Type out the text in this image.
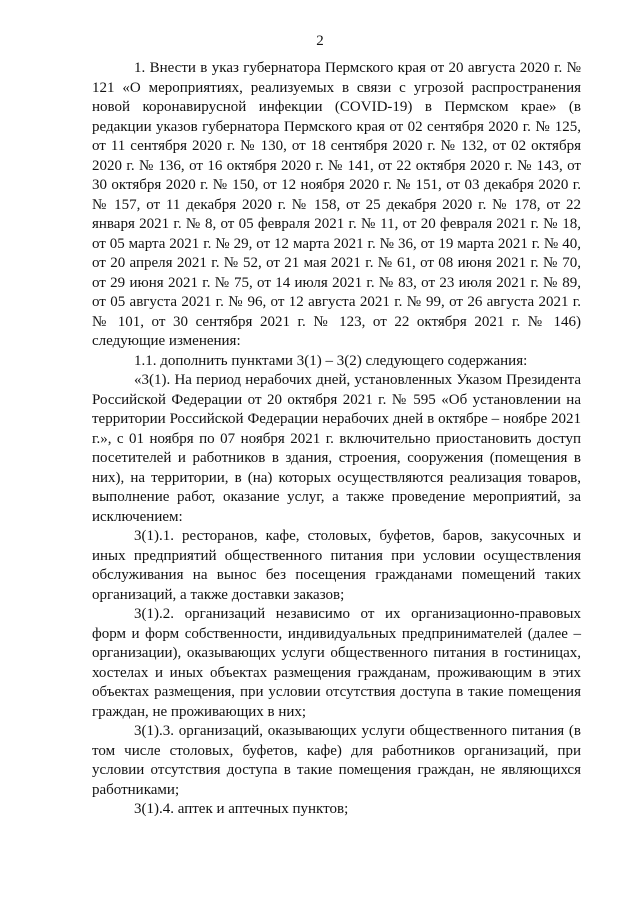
2

1. Внести в указ губернатора Пермского края от 20 августа 2020 г. № 121 «О мероприятиях, реализуемых в связи с угрозой распространения новой коронавирусной инфекции (COVID-19) в Пермском крае» (в редакции указов губернатора Пермского края от 02 сентября 2020 г. № 125, от 11 сентября 2020 г. № 130, от 18 сентября 2020 г. № 132, от 02 октября 2020 г. № 136, от 16 октября 2020 г. № 141, от 22 октября 2020 г. № 143, от 30 октября 2020 г. № 150, от 12 ноября 2020 г. № 151, от 03 декабря 2020 г. № 157, от 11 декабря 2020 г. № 158, от 25 декабря 2020 г. № 178, от 22 января 2021 г. № 8, от 05 февраля 2021 г. № 11, от 20 февраля 2021 г. № 18, от 05 марта 2021 г. № 29, от 12 марта 2021 г. № 36, от 19 марта 2021 г. № 40, от 20 апреля 2021 г. № 52, от 21 мая 2021 г. № 61, от 08 июня 2021 г. № 70, от 29 июня 2021 г. № 75, от 14 июля 2021 г. № 83, от 23 июля 2021 г. № 89, от 05 августа 2021 г. № 96, от 12 августа 2021 г. № 99, от 26 августа 2021 г. № 101, от 30 сентября 2021 г. № 123, от 22 октября 2021 г. № 146) следующие изменения:

1.1. дополнить пунктами 3(1) – 3(2) следующего содержания:

«3(1). На период нерабочих дней, установленных Указом Президента Российской Федерации от 20 октября 2021 г. № 595 «Об установлении на территории Российской Федерации нерабочих дней в октябре – ноябре 2021 г.», с 01 ноября по 07 ноября 2021 г. включительно приостановить доступ посетителей и работников в здания, строения, сооружения (помещения в них), на территории, в (на) которых осуществляются реализация товаров, выполнение работ, оказание услуг, а также проведение мероприятий, за исключением:

3(1).1. ресторанов, кафе, столовых, буфетов, баров, закусочных и иных предприятий общественного питания при условии осуществления обслуживания на вынос без посещения гражданами помещений таких организаций, а также доставки заказов;

3(1).2. организаций независимо от их организационно-правовых форм и форм собственности, индивидуальных предпринимателей (далее – организации), оказывающих услуги общественного питания в гостиницах, хостелах и иных объектах размещения гражданам, проживающим в этих объектах размещения, при условии отсутствия доступа в такие помещения граждан, не проживающих в них;

3(1).3. организаций, оказывающих услуги общественного питания (в том числе столовых, буфетов, кафе) для работников организаций, при условии отсутствия доступа в такие помещения граждан, не являющихся работниками;

3(1).4. аптек и аптечных пунктов;
